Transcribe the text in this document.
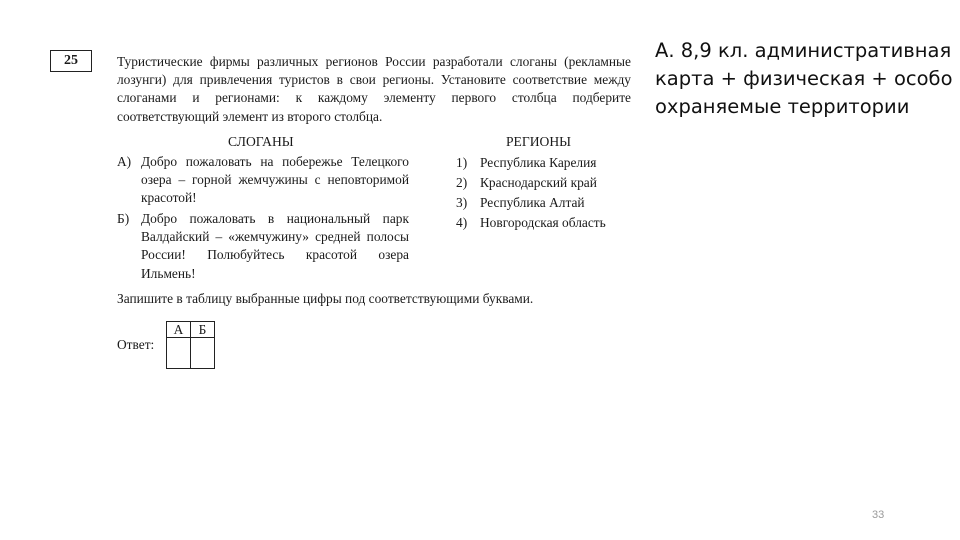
25	Туристические фирмы различных регионов России разработали слоганы (рекламные лозунги) для привлечения туристов в свои регионы. Установите соответствие между слоганами и регионами: к каждому элементу первого столбца подберите соответствующий элемент из второго столбца.
СЛОГАНЫ	РЕГИОНЫ
А) Добро пожаловать на побережье Телецкого озера – горной жемчужины с неповторимой красотой!
Б) Добро пожаловать в национальный парк Валдайский – «жемчужину» средней полосы России! Полюбуйтесь красотой озера Ильмень!
1) Республика Карелия
2) Краснодарский край
3) Республика Алтай
4) Новгородская область
Запишите в таблицу выбранные цифры под соответствующими буквами.
Ответ:
А	Б

А. 8,9 кл. административная карта + физическая + особо охраняемые территории
33
